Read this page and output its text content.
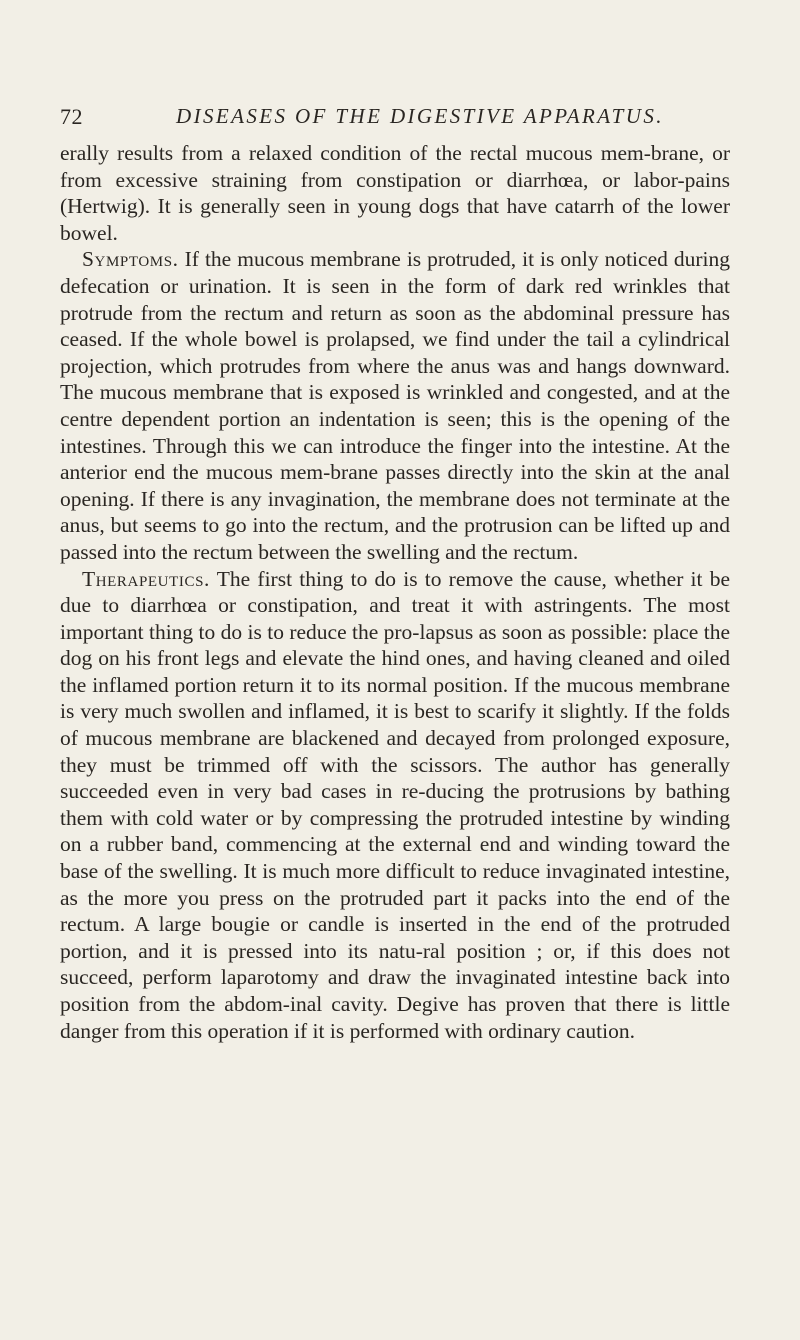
72	DISEASES OF THE DIGESTIVE APPARATUS.

erally results from a relaxed condition of the rectal mucous mem-brane, or from excessive straining from constipation or diarrhœa, or labor-pains (Hertwig). It is generally seen in young dogs that have catarrh of the lower bowel.

Symptoms. If the mucous membrane is protruded, it is only noticed during defecation or urination. It is seen in the form of dark red wrinkles that protrude from the rectum and return as soon as the abdominal pressure has ceased. If the whole bowel is prolapsed, we find under the tail a cylindrical projection, which protrudes from where the anus was and hangs downward. The mucous membrane that is exposed is wrinkled and congested, and at the centre dependent portion an indentation is seen; this is the opening of the intestines. Through this we can introduce the finger into the intestine. At the anterior end the mucous mem-brane passes directly into the skin at the anal opening. If there is any invagination, the membrane does not terminate at the anus, but seems to go into the rectum, and the protrusion can be lifted up and passed into the rectum between the swelling and the rectum.

Therapeutics. The first thing to do is to remove the cause, whether it be due to diarrhœa or constipation, and treat it with astringents. The most important thing to do is to reduce the pro-lapsus as soon as possible: place the dog on his front legs and elevate the hind ones, and having cleaned and oiled the inflamed portion return it to its normal position. If the mucous membrane is very much swollen and inflamed, it is best to scarify it slightly. If the folds of mucous membrane are blackened and decayed from prolonged exposure, they must be trimmed off with the scissors. The author has generally succeeded even in very bad cases in re-ducing the protrusions by bathing them with cold water or by compressing the protruded intestine by winding on a rubber band, commencing at the external end and winding toward the base of the swelling. It is much more difficult to reduce invaginated intestine, as the more you press on the protruded part it packs into the end of the rectum. A large bougie or candle is inserted in the end of the protruded portion, and it is pressed into its natu-ral position ; or, if this does not succeed, perform laparotomy and draw the invaginated intestine back into position from the abdom-inal cavity. Degive has proven that there is little danger from this operation if it is performed with ordinary caution.
